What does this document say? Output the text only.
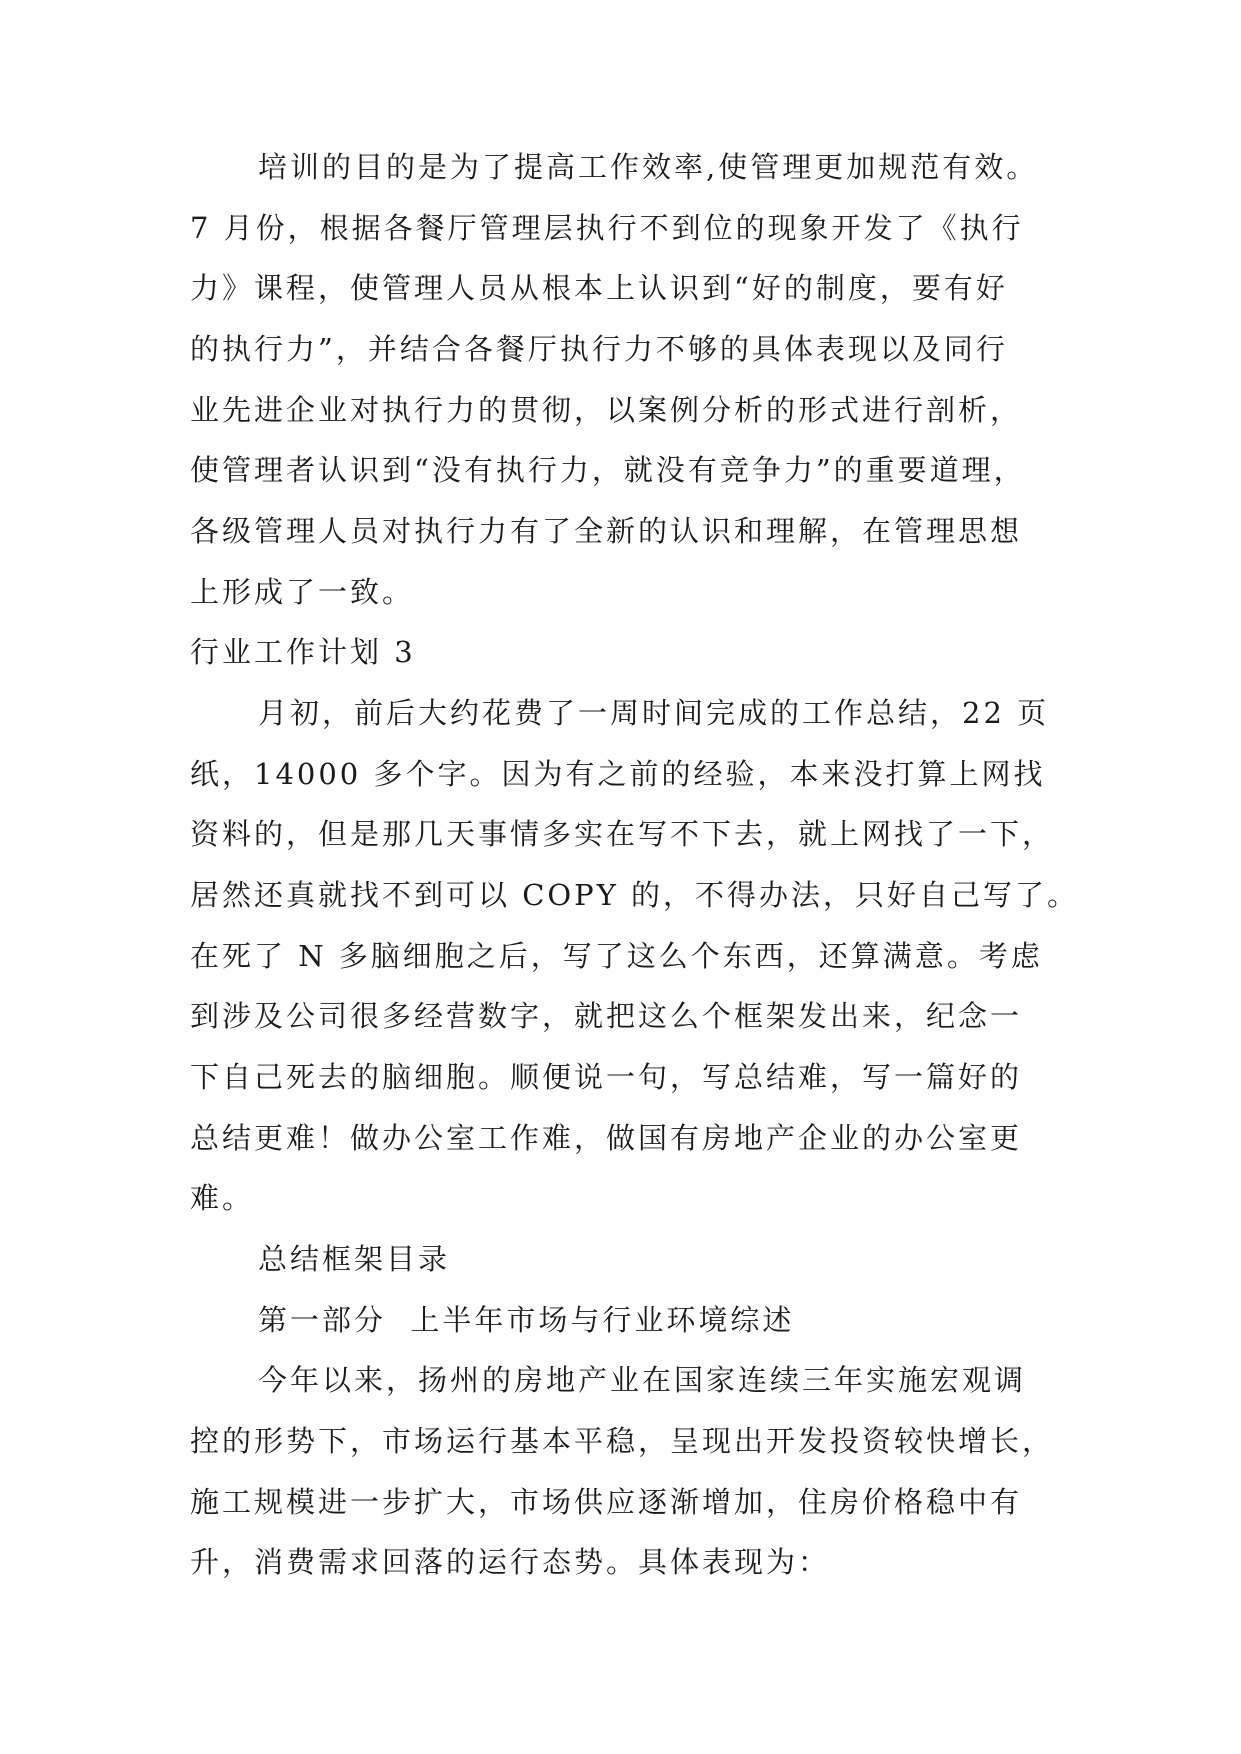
培训的目的是为了提高工作效率,使管理更加规范有效。

7 月份，根据各餐厅管理层执行不到位的现象开发了《执行

力》课程，使管理人员从根本上认识到“好的制度，要有好

的执行力”，并结合各餐厅执行力不够的具体表现以及同行

业先进企业对执行力的贯彻，以案例分析的形式进行剖析，

使管理者认识到“没有执行力，就没有竞争力”的重要道理，

各级管理人员对执行力有了全新的认识和理解，在管理思想

上形成了一致。

行业工作计划 3

月初，前后大约花费了一周时间完成的工作总结，22 页

纸，14000 多个字。因为有之前的经验，本来没打算上网找

资料的，但是那几天事情多实在写不下去，就上网找了一下，

居然还真就找不到可以 COPY 的，不得办法，只好自己写了。

在死了 N 多脑细胞之后，写了这么个东西，还算满意。考虑

到涉及公司很多经营数字，就把这么个框架发出来，纪念一

下自己死去的脑细胞。顺便说一句，写总结难，写一篇好的

总结更难！做办公室工作难，做国有房地产企业的办公室更

难。

总结框架目录
第一部分  上半年市场与行业环境综述

今年以来，扬州的房地产业在国家连续三年实施宏观调

控的形势下，市场运行基本平稳，呈现出开发投资较快增长，

施工规模进一步扩大，市场供应逐渐增加，住房价格稳中有

升，消费需求回落的运行态势。具体表现为：
